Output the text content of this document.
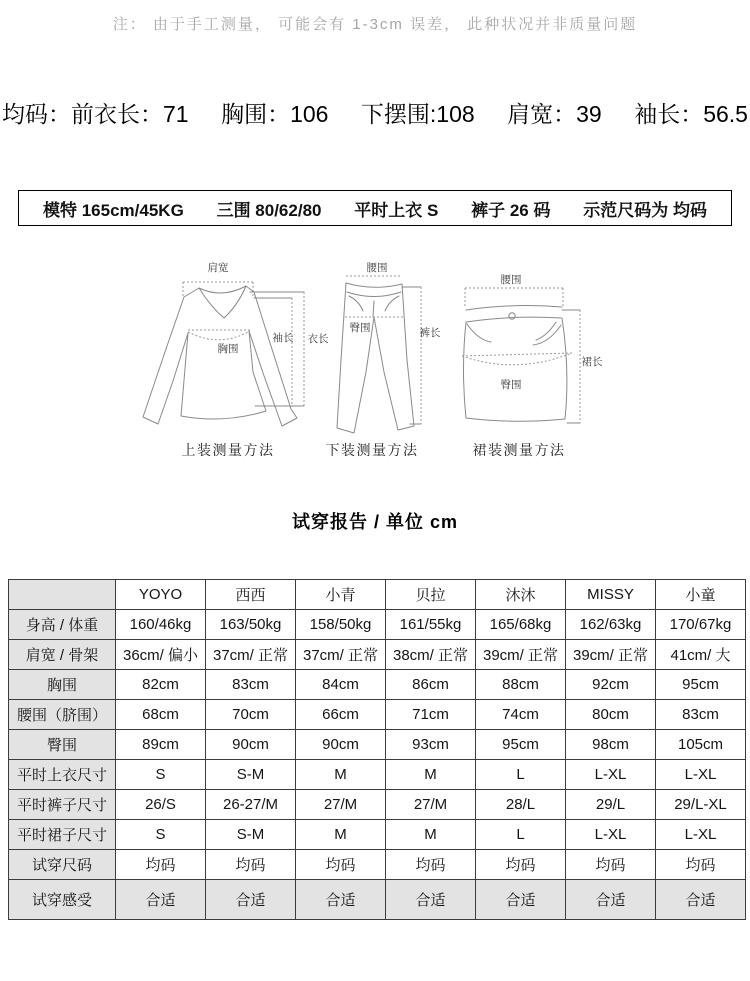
注： 由于手工测量， 可能会有 1-3cm 误差， 此种状况并非质量问题
均码：前衣长：71 胸围：106 下摆围:108 肩宽：39 袖长：56.5
模特 165cm/45KG 三围 80/62/80 平时上衣 S 裤子 26 码 示范尺码为 均码
肩宽
胸围
袖长 衣长
上装测量方法
腰围
臀围	裤长
下装测量方法
腰围
臀围
裙长
裙装测量方法
试穿报告 / 单位 cm
	YOYO	西西	小青	贝拉	沐沐	MISSY	小童
身高 / 体重	160/46kg	163/50kg	158/50kg	161/55kg	165/68kg	162/63kg	170/67kg
肩宽 / 骨架	36cm/ 偏小	37cm/ 正常	37cm/ 正常	38cm/ 正常	39cm/ 正常	39cm/ 正常	41cm/ 大
胸围	82cm	83cm	84cm	86cm	88cm	92cm	95cm
腰围（脐围）	68cm	70cm	66cm	71cm	74cm	80cm	83cm
臀围	89cm	90cm	90cm	93cm	95cm	98cm	105cm
平时上衣尺寸	S	S-M	M	M	L	L-XL	L-XL
平时裤子尺寸	26/S	26-27/M	27/M	27/M	28/L	29/L	29/L-XL
平时裙子尺寸	S	S-M	M	M	L	L-XL	L-XL
试穿尺码	均码	均码	均码	均码	均码	均码	均码
试穿感受	合适	合适	合适	合适	合适	合适	合适
